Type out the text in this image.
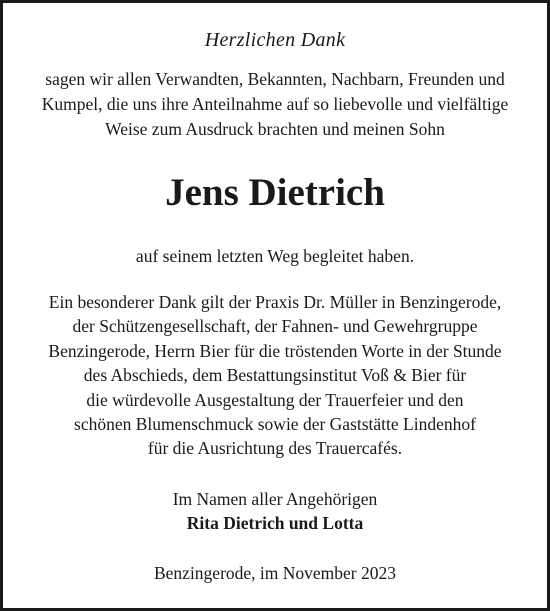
Herzlichen Dank
sagen wir allen Verwandten, Bekannten, Nachbarn, Freunden und
Kumpel, die uns ihre Anteilnahme auf so liebevolle und vielfältige
Weise zum Ausdruck brachten und meinen Sohn
Jens Dietrich
auf seinem letzten Weg begleitet haben.
Ein besonderer Dank gilt der Praxis Dr. Müller in Benzingerode,
der Schützengesellschaft, der Fahnen- und Gewehrgruppe
Benzingerode, Herrn Bier für die tröstenden Worte in der Stunde
des Abschieds, dem Bestattungsinstitut Voß & Bier für
die würdevolle Ausgestaltung der Trauerfeier und den
schönen Blumenschmuck sowie der Gaststätte Lindenhof
für die Ausrichtung des Trauercafés.
Im Namen aller Angehörigen
Rita Dietrich und Lotta
Benzingerode, im November 2023
